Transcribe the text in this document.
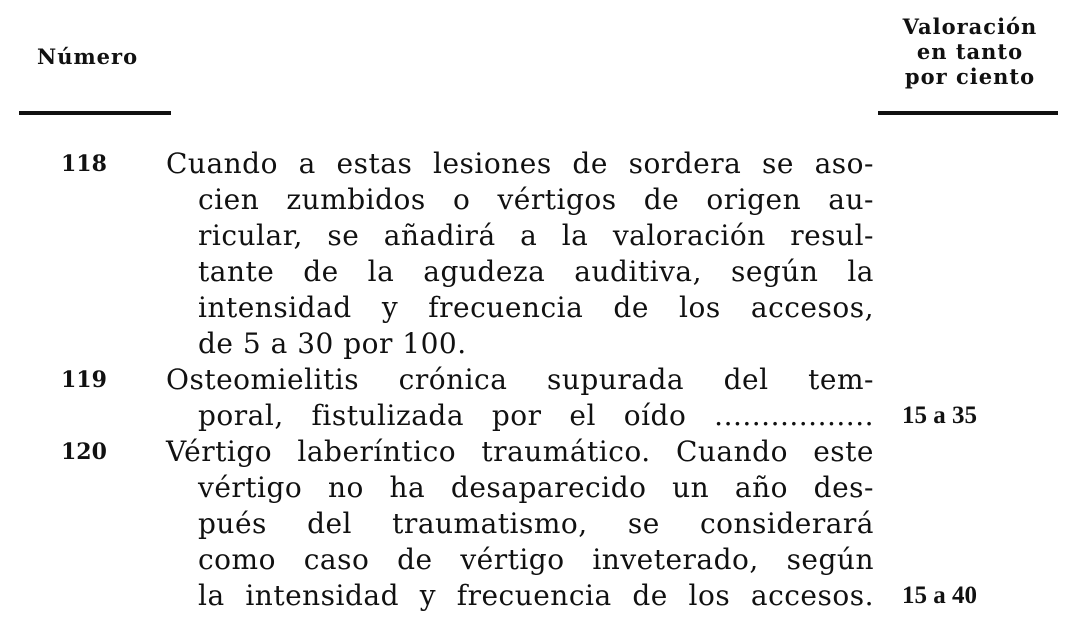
Número
Valoración
en tanto
por ciento
118 Cuando a estas lesiones de sordera se aso-
cien zumbidos o vértigos de origen au-
ricular, se añadirá a la valoración resul-
tante de la agudeza auditiva, según la
intensidad y frecuencia de los accesos,
de 5 a 30 por 100.
119 Osteomielitis crónica supurada del tem-
poral, fistulizada por el oído ................. 15 a 35
120 Vértigo laberíntico traumático. Cuando este
vértigo no ha desaparecido un año des-
pués del traumatismo, se considerará
como caso de vértigo inveterado, según
la intensidad y frecuencia de los accesos. 15 a 40
